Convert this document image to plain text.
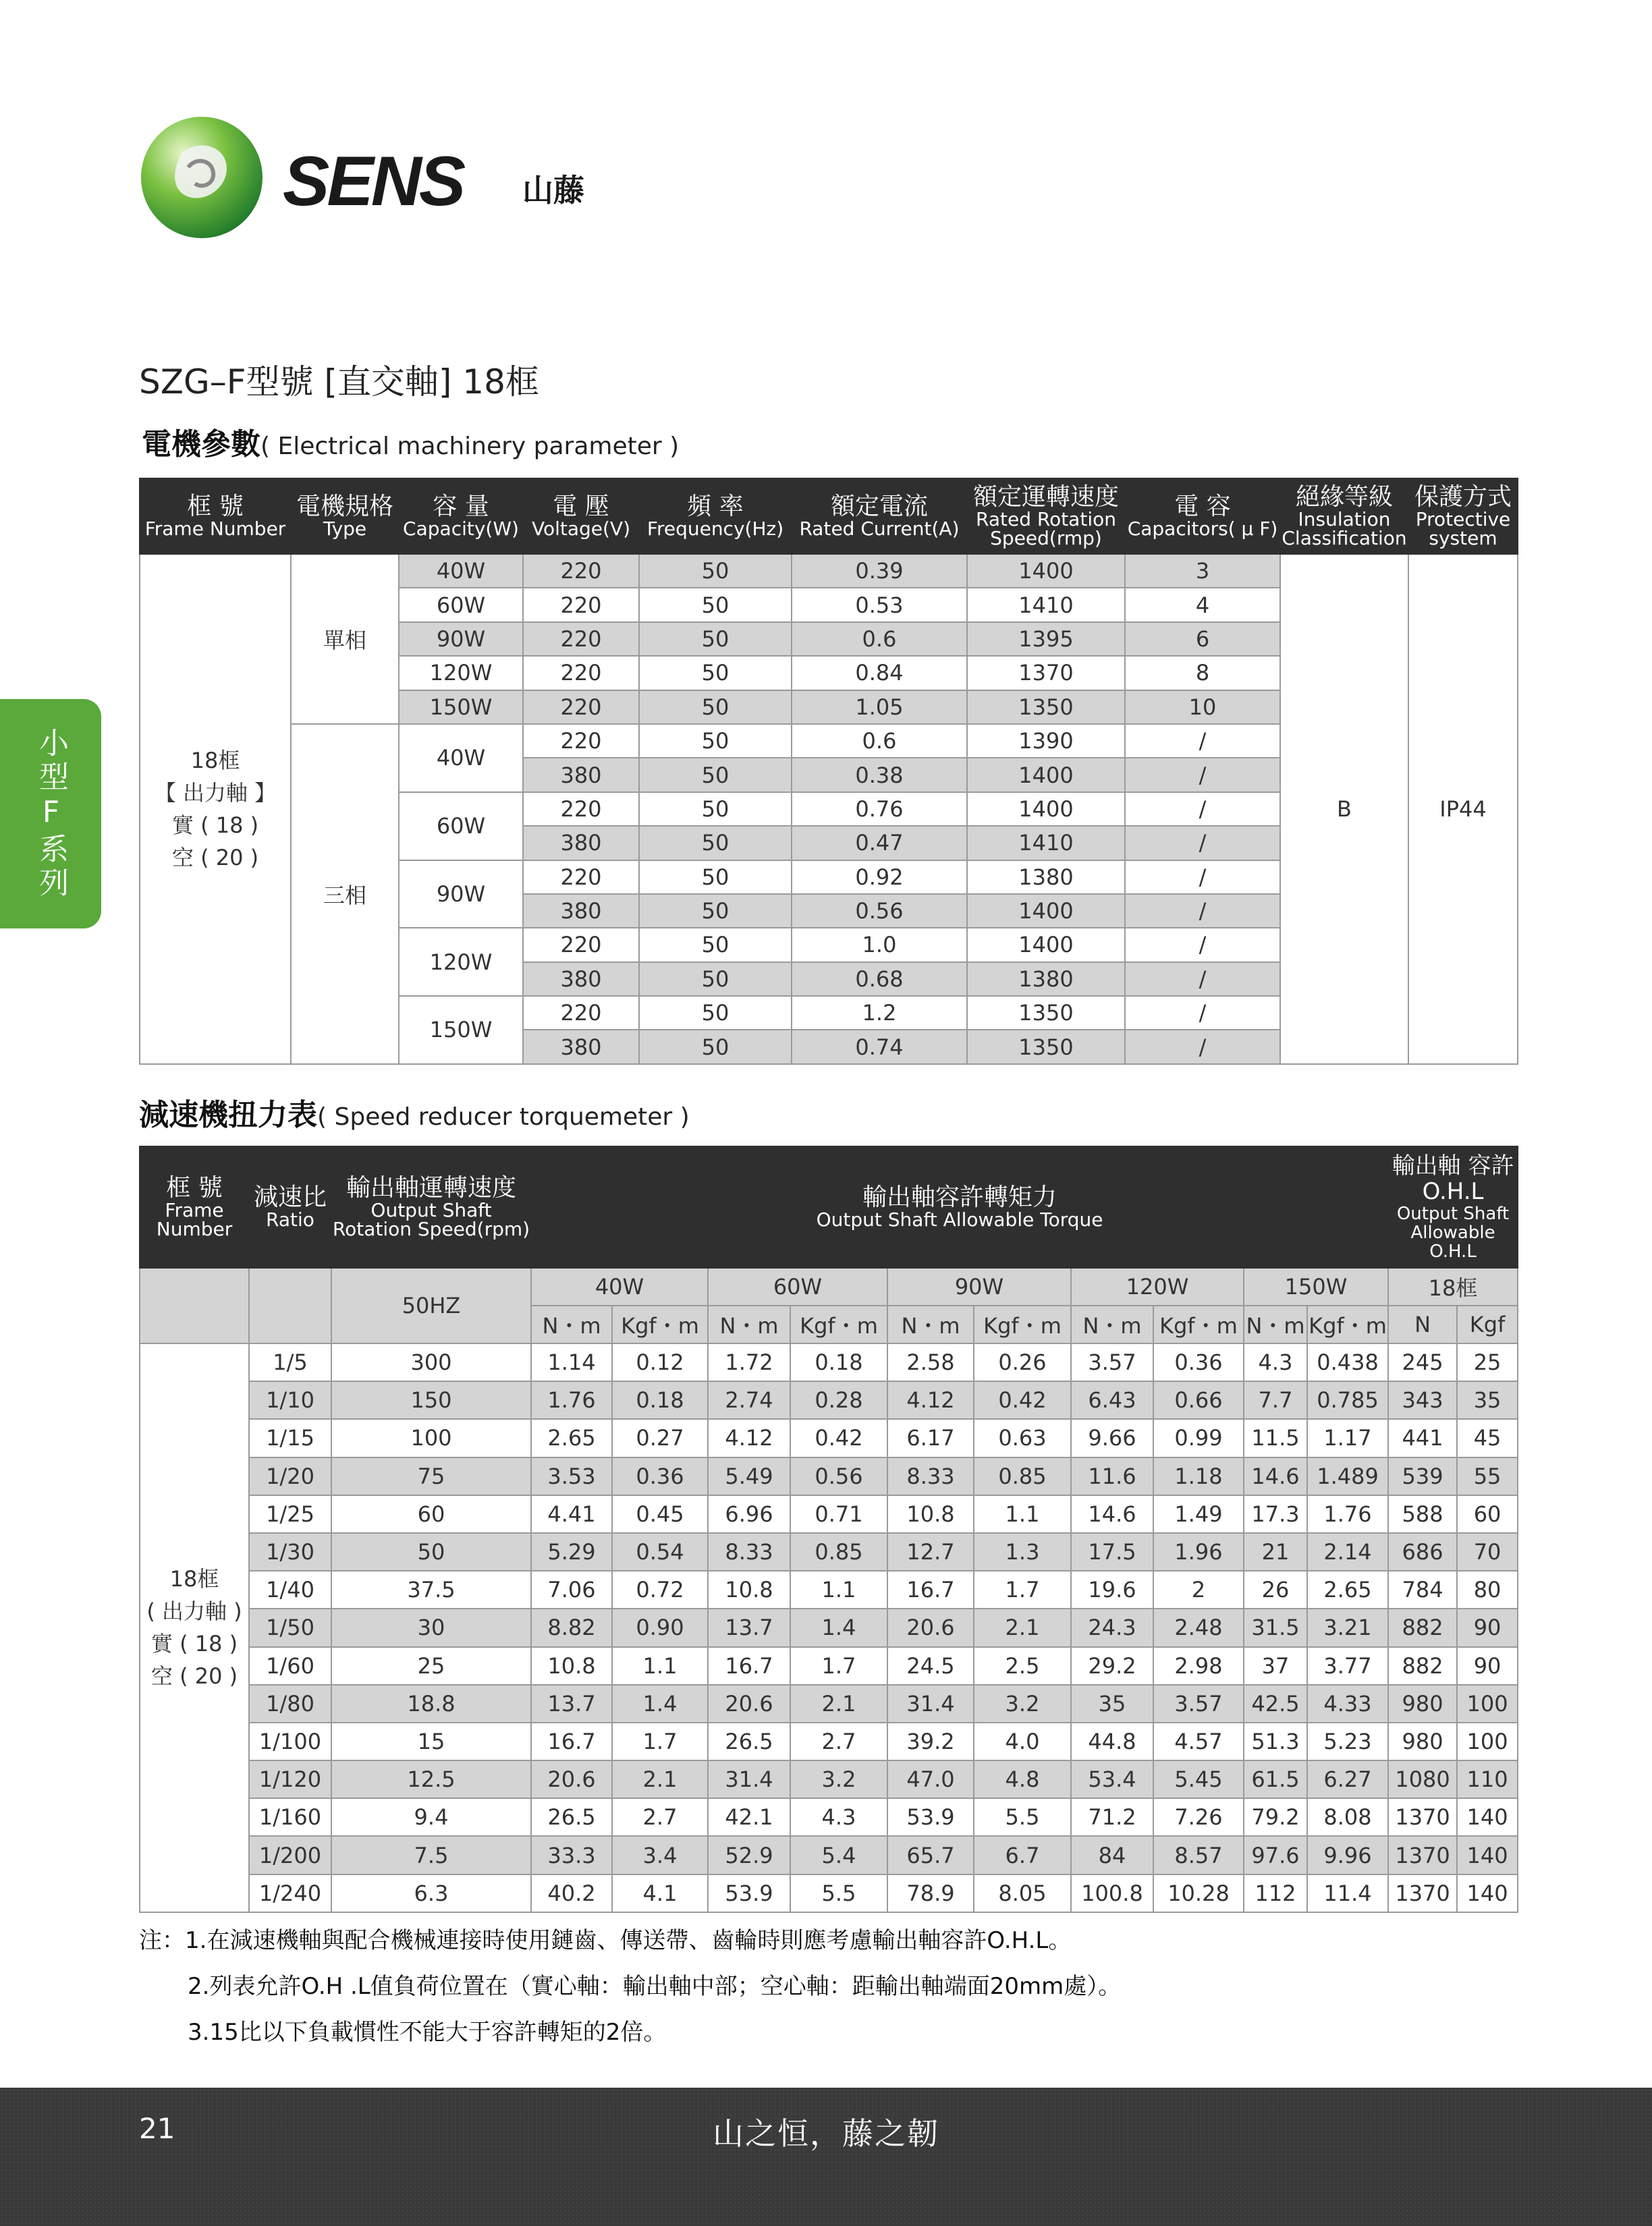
SENS 山藤
小型F系列
SZG–F型號 [直交軸] 18框
電機參數( Electrical machinery parameter )
框 號
Frame Number	電機規格
Type	容 量
Capacity(W)	電 壓
Voltage(V)	頻 率
Frequency(Hz)	額定電流
Rated Current(A)	額定運轉速度
Rated Rotation Speed(rmp)	電 容
Capacitors( μ F)	絕緣等級
Insulation Classification	保護方式
Protective system

18框
【 出力軸 】
實 ( 18 )
空 ( 20 )	單相	40W	220	50	0.39	1400	3	B	IP44
		60W	220	50	0.53	1410	4		
		90W	220	50	0.6	1395	6		
		120W	220	50	0.84	1370	8		
		150W	220	50	1.05	1350	10		
	三相	40W	220	50	0.6	1390	/		
			380	50	0.38	1400	/		
		60W	220	50	0.76	1400	/		
			380	50	0.47	1410	/		
		90W	220	50	0.92	1380	/		
			380	50	0.56	1400	/		
		120W	220	50	1.0	1400	/		
			380	50	0.68	1380	/		
		150W	220	50	1.2	1350	/		
			380	50	0.74	1350	/		
減速機扭力表( Speed reducer torquemeter )
框 號
Frame Number	減速比
Ratio	輸出軸運轉速度
Output Shaft Rotation Speed(rpm)	輸出軸容許轉矩力
Output Shaft Allowable Torque										輸出軸 容許O.H.L
Output Shaft Allowable O.H.L	

		50HZ	40W		60W		90W		120W		150W		18框	
			N・m	Kgf・m	N・m	Kgf・m	N・m	Kgf・m	N・m	Kgf・m	N・m	Kgf・m	N	Kgf

18框
( 出力軸 )
實 ( 18 )
空 ( 20 )	1/5	300	1.14	0.12	1.72	0.18	2.58	0.26	3.57	0.36	4.3	0.438	245	25
	1/10	150	1.76	0.18	2.74	0.28	4.12	0.42	6.43	0.66	7.7	0.785	343	35
	1/15	100	2.65	0.27	4.12	0.42	6.17	0.63	9.66	0.99	11.5	1.17	441	45
	1/20	75	3.53	0.36	5.49	0.56	8.33	0.85	11.6	1.18	14.6	1.489	539	55
	1/25	60	4.41	0.45	6.96	0.71	10.8	1.1	14.6	1.49	17.3	1.76	588	60
	1/30	50	5.29	0.54	8.33	0.85	12.7	1.3	17.5	1.96	21	2.14	686	70
	1/40	37.5	7.06	0.72	10.8	1.1	16.7	1.7	19.6	2	26	2.65	784	80
	1/50	30	8.82	0.90	13.7	1.4	20.6	2.1	24.3	2.48	31.5	3.21	882	90
	1/60	25	10.8	1.1	16.7	1.7	24.5	2.5	29.2	2.98	37	3.77	882	90
	1/80	18.8	13.7	1.4	20.6	2.1	31.4	3.2	35	3.57	42.5	4.33	980	100
	1/100	15	16.7	1.7	26.5	2.7	39.2	4.0	44.8	4.57	51.3	5.23	980	100
	1/120	12.5	20.6	2.1	31.4	3.2	47.0	4.8	53.4	5.45	61.5	6.27	1080	110
	1/160	9.4	26.5	2.7	42.1	4.3	53.9	5.5	71.2	7.26	79.2	8.08	1370	140
	1/200	7.5	33.3	3.4	52.9	5.4	65.7	6.7	84	8.57	97.6	9.96	1370	140
	1/240	6.3	40.2	4.1	53.9	5.5	78.9	8.05	100.8	10.28	112	11.4	1370	140
注：1.在減速機軸與配合機械連接時使用鏈齒、傳送帶、齒輪時則應考慮輸出軸容許O.H.L。
2.列表允許O.H .L值負荷位置在（實心軸：輸出軸中部；空心軸：距輸出軸端面20mm處）。
3.15比以下負載慣性不能大于容許轉矩的2倍。
21	山之恒，藤之韌
